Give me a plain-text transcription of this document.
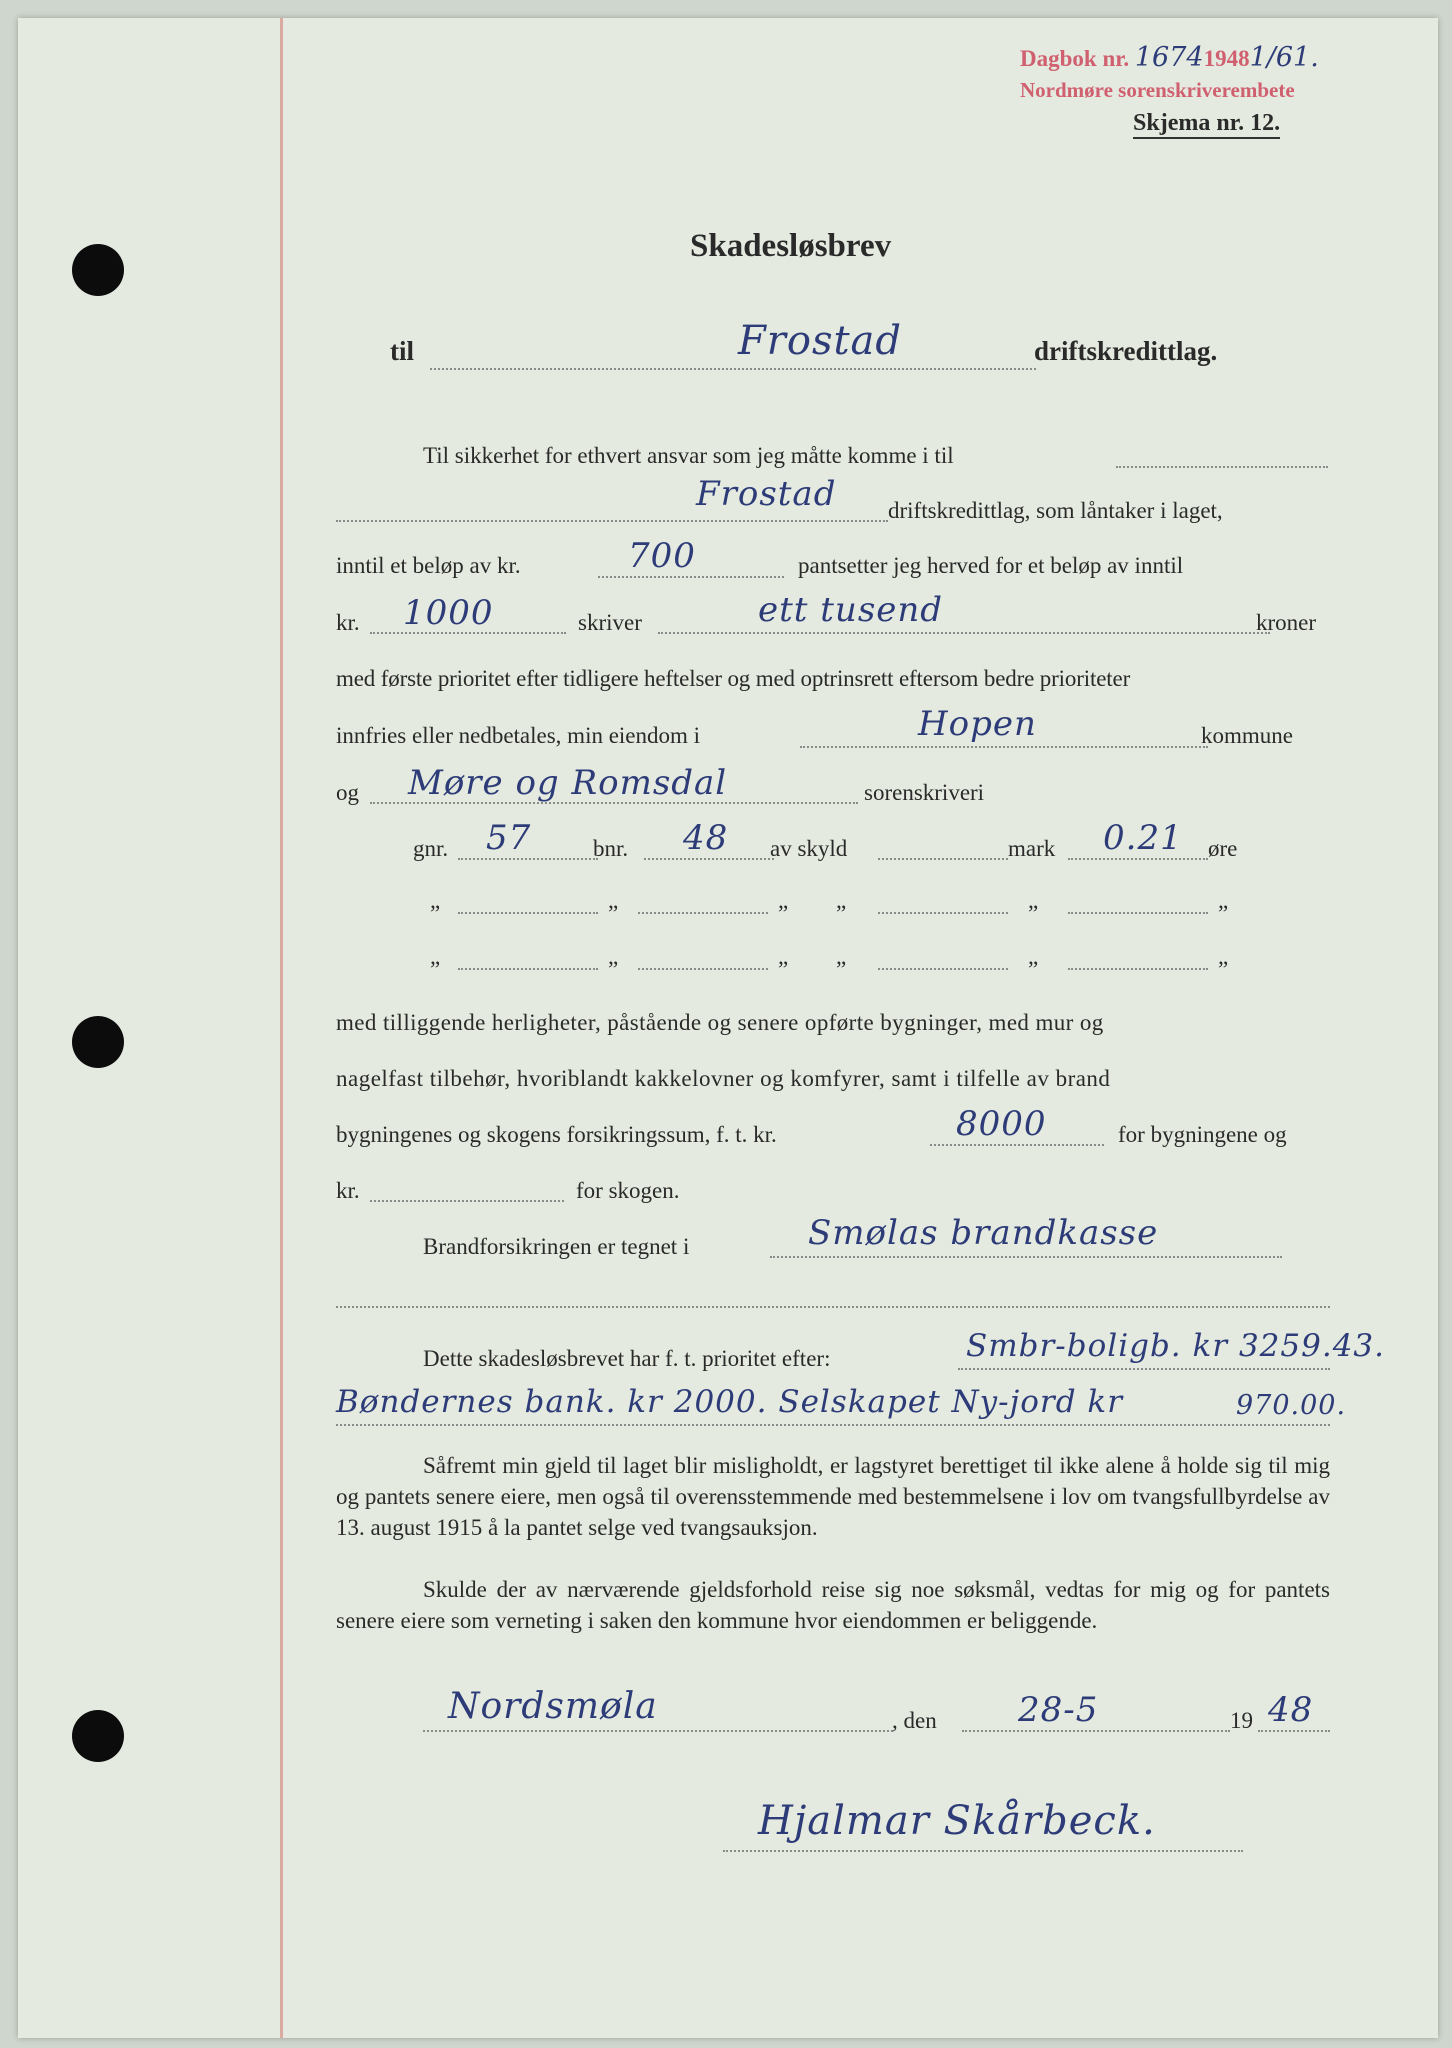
Dagbok nr. 167419481/61.
Nordmøre sorenskriverembete
Skjema nr. 12.
Skadesløsbrev
til	Frostad	driftskredittlag.
Til sikkerhet for ethvert ansvar som jeg måtte komme i til
Frostad driftskredittlag, som låntaker i laget,
inntil et beløp av kr.	700	pantsetter jeg herved for et beløp av inntil
kr. 1000	skriver	ett tusend	kroner
med første prioritet efter tidligere heftelser og med optrinsrett eftersom bedre prioriteter
innfries eller nedbetales, min eiendom i	Hopen	kommune
og Møre og Romsdal	sorenskriveri
gnr. 57	bnr. 48 av skyld	mark 0.21 øre
„	„	„ „	„	„
„	„	„ „	„	„
med tilliggende herligheter, påstående og senere opførte bygninger, med mur og
nagelfast tilbehør, hvoriblandt kakkelovner og komfyrer, samt i tilfelle av brand
bygningenes og skogens forsikringssum, f. t. kr.	8000	for bygningene og
kr.	for skogen.
Brandforsikringen er tegnet i	Smølas brandkasse
Dette skadesløsbrevet har f. t. prioritet efter:	Smbr-boligb. kr 3259.43.
Bøndernes bank. kr 2000. Selskapet Ny-jord kr	970.00.
Såfremt min gjeld til laget blir misligholdt, er lagstyret berettiget til ikke alene å holde sig til mig og pantets senere eiere, men også til overensstemmende med bestemmelsene i lov om tvangsfullbyrdelse av 13. august 1915 å la pantet selge ved tvangsauksjon.
Skulde der av nærværende gjeldsforhold reise sig noe søksmål, vedtas for mig og for pantets senere eiere som verneting i saken den kommune hvor eiendommen er beliggende.
Nordsmøla	, den 28-5	19 48
Hjalmar Skårbeck.
